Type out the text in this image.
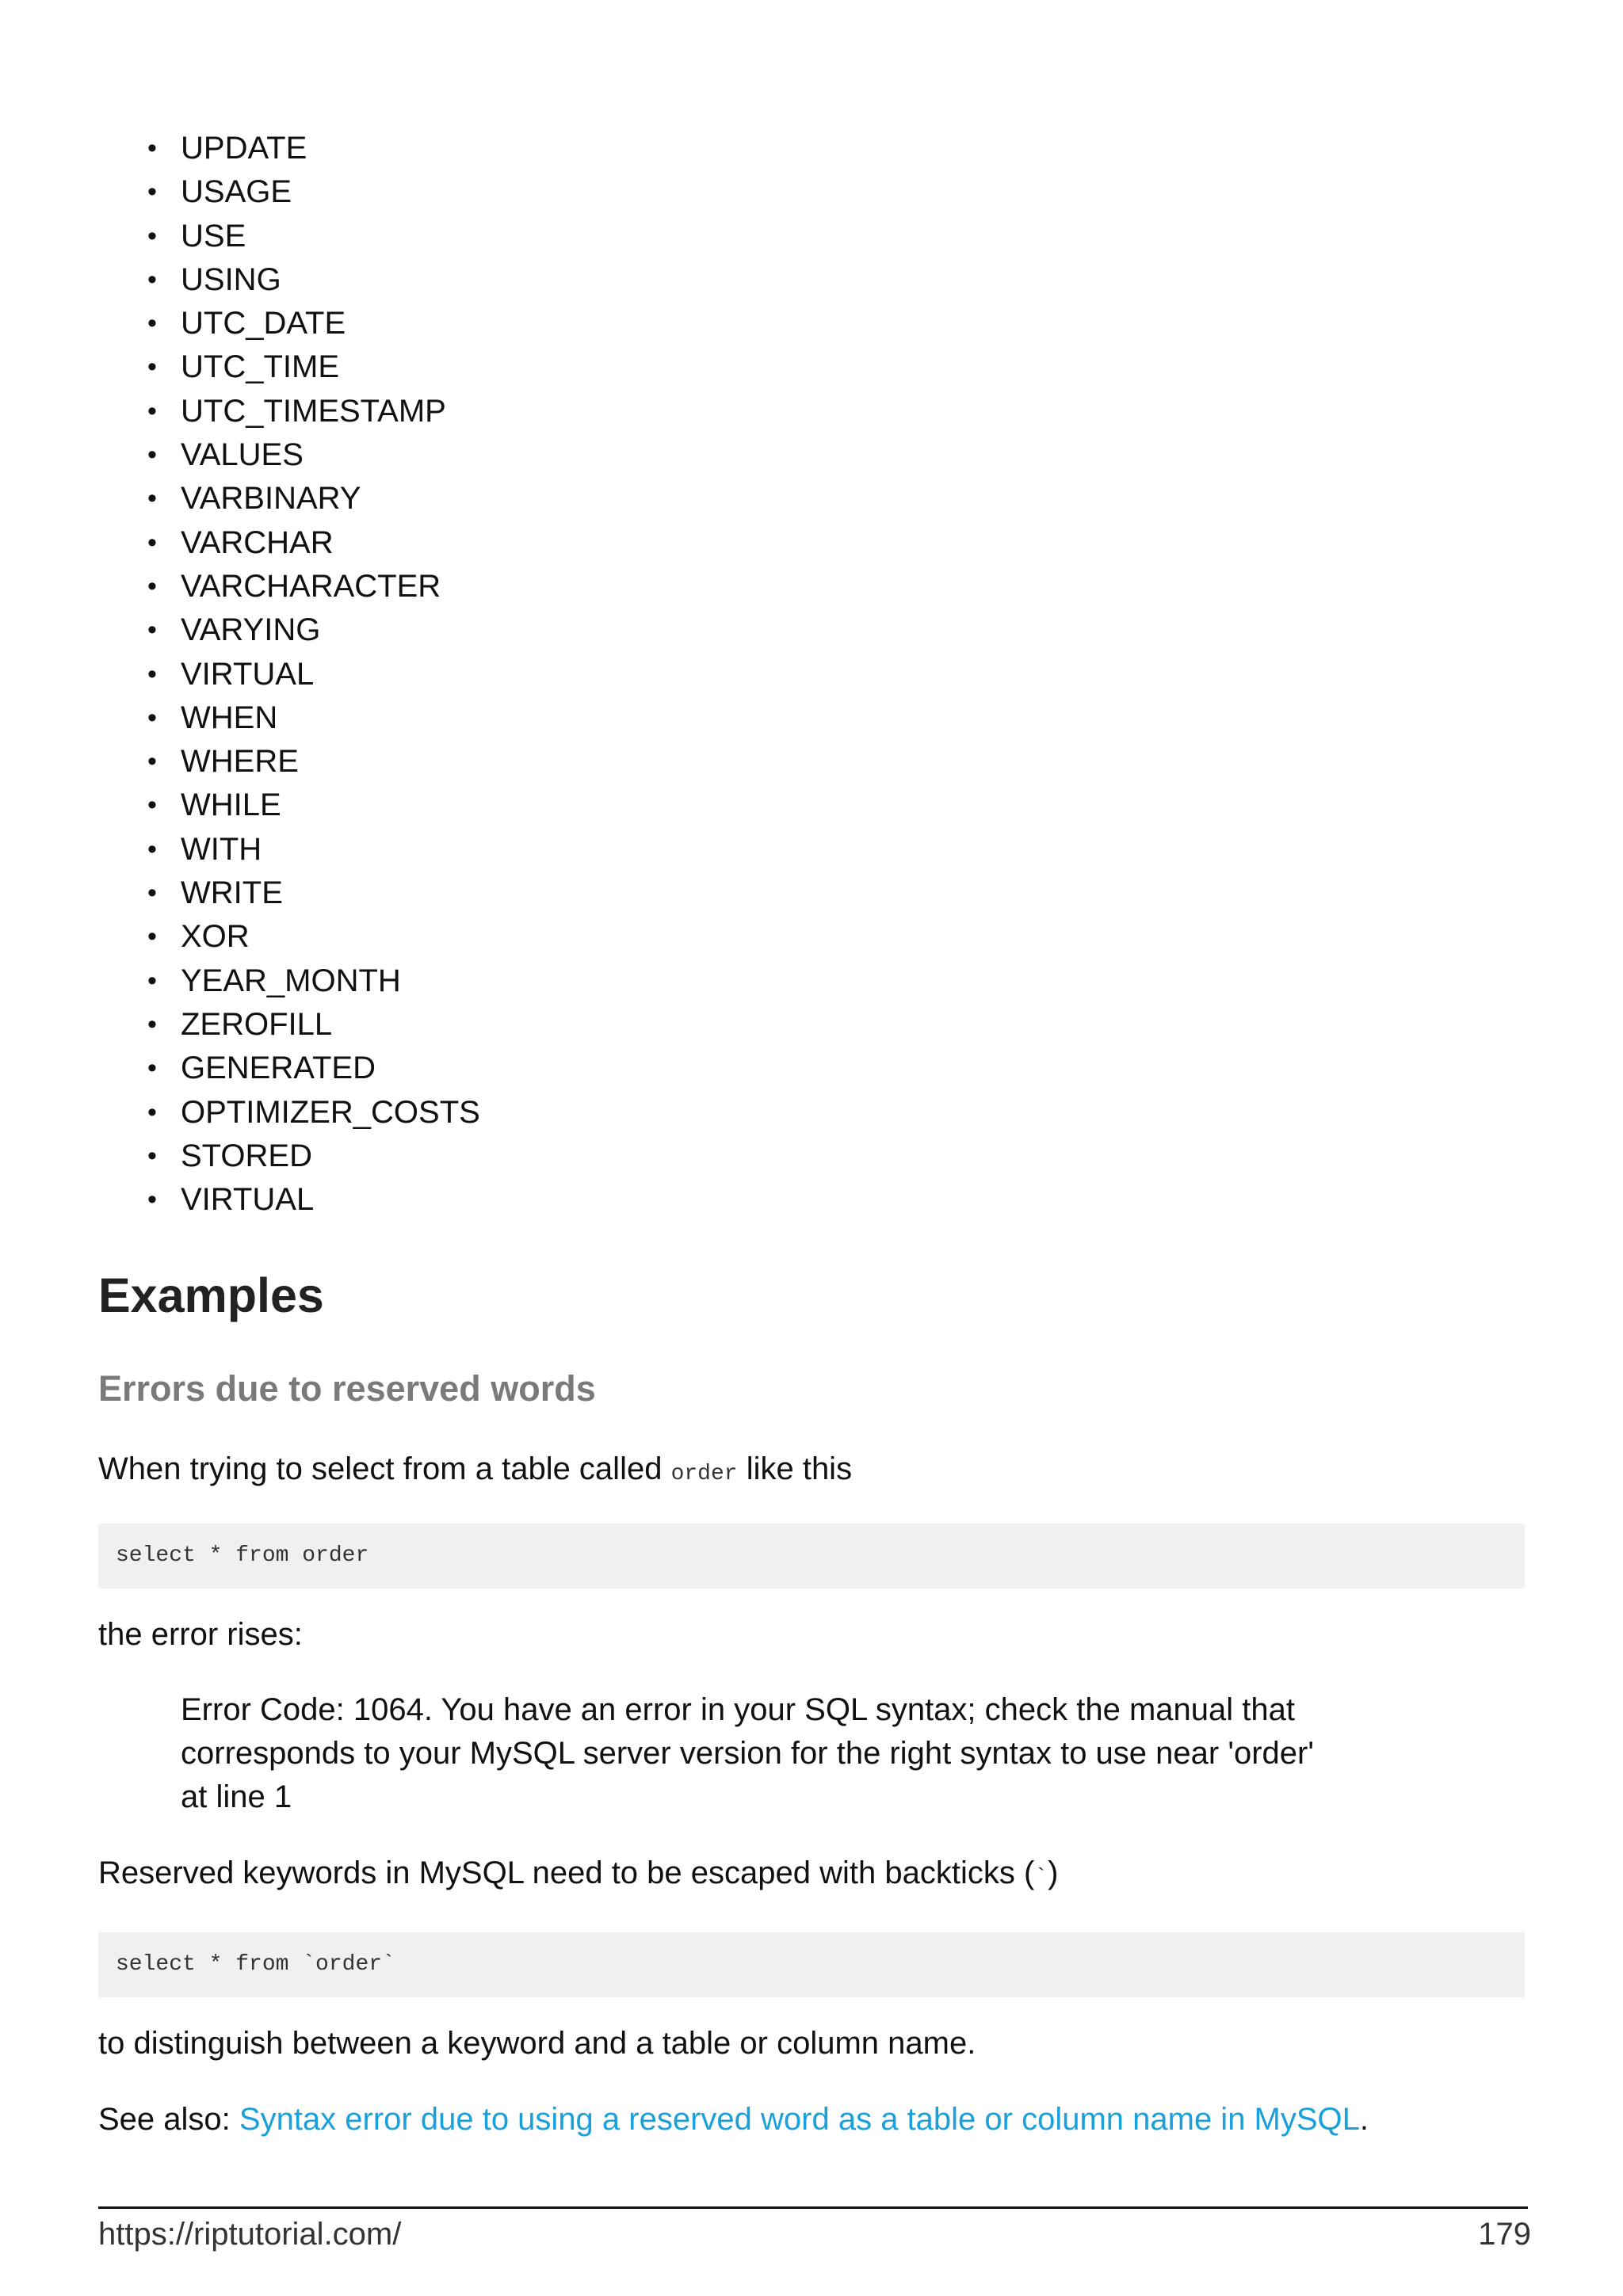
• UPDATE
• USAGE
• USE
• USING
• UTC_DATE
• UTC_TIME
• UTC_TIMESTAMP
• VALUES
• VARBINARY
• VARCHAR
• VARCHARACTER
• VARYING
• VIRTUAL
• WHEN
• WHERE
• WHILE
• WITH
• WRITE
• XOR
• YEAR_MONTH
• ZEROFILL
• GENERATED
• OPTIMIZER_COSTS
• STORED
• VIRTUAL
Examples
Errors due to reserved words

When trying to select from a table called order like this

select * from order

the error rises:

Error Code: 1064. You have an error in your SQL syntax; check the manual that corresponds to your MySQL server version for the right syntax to use near 'order' at line 1

Reserved keywords in MySQL need to be escaped with backticks (`)

select * from `order`

to distinguish between a keyword and a table or column name.

See also: Syntax error due to using a reserved word as a table or column name in MySQL.

https://riptutorial.com/	179
